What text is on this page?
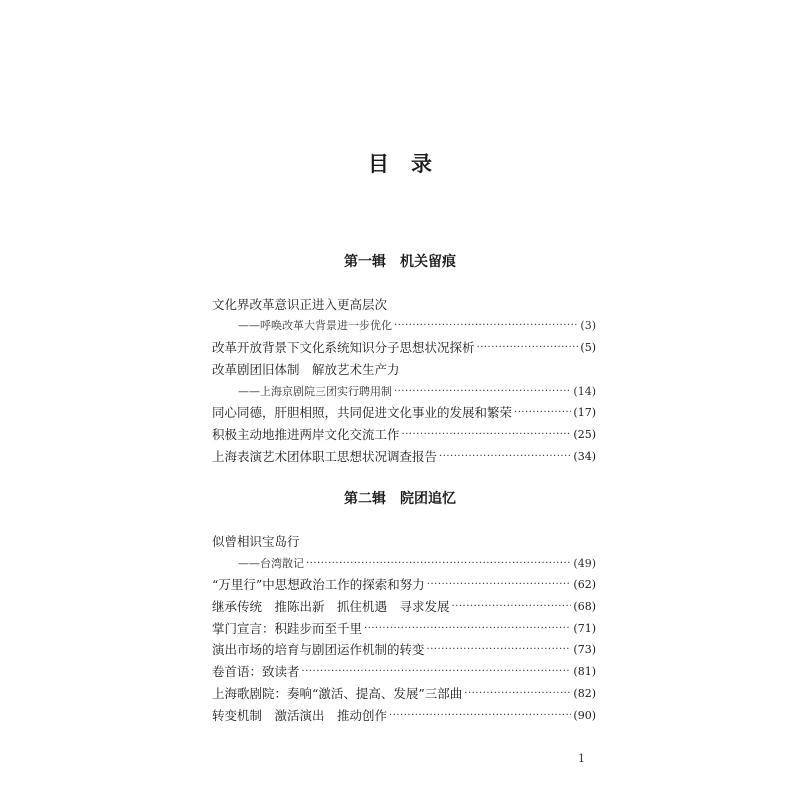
目 录
第一辑 机关留痕
文化界改革意识正进入更高层次
——呼唤改革大背景进一步优化 ·····	(3)
改革开放背景下文化系统知识分子思想状况探析 ·····	(5)
改革剧团旧体制　解放艺术生产力
——上海京剧院三团实行聘用制 ·····	(14)
同心同德，肝胆相照，共同促进文化事业的发展和繁荣 ·····	(17)
积极主动地推进两岸文化交流工作 ·····	(25)
上海表演艺术团体职工思想状况调查报告 ·····	(34)
第二辑 院团追忆
似曾相识宝岛行
——台湾散记 ·····	(49)
“万里行”中思想政治工作的探索和努力 ·····	(62)
继承传统　推陈出新　抓住机遇　寻求发展 ·····	(68)
掌门宣言：积跬步而至千里 ·····	(71)
演出市场的培育与剧团运作机制的转变 ·····	(73)
卷首语：致读者 ·····	(81)
上海歌剧院：奏响“激活、提高、发展”三部曲 ·····	(82)
转变机制　激活演出　推动创作 ·····	(90)
1
